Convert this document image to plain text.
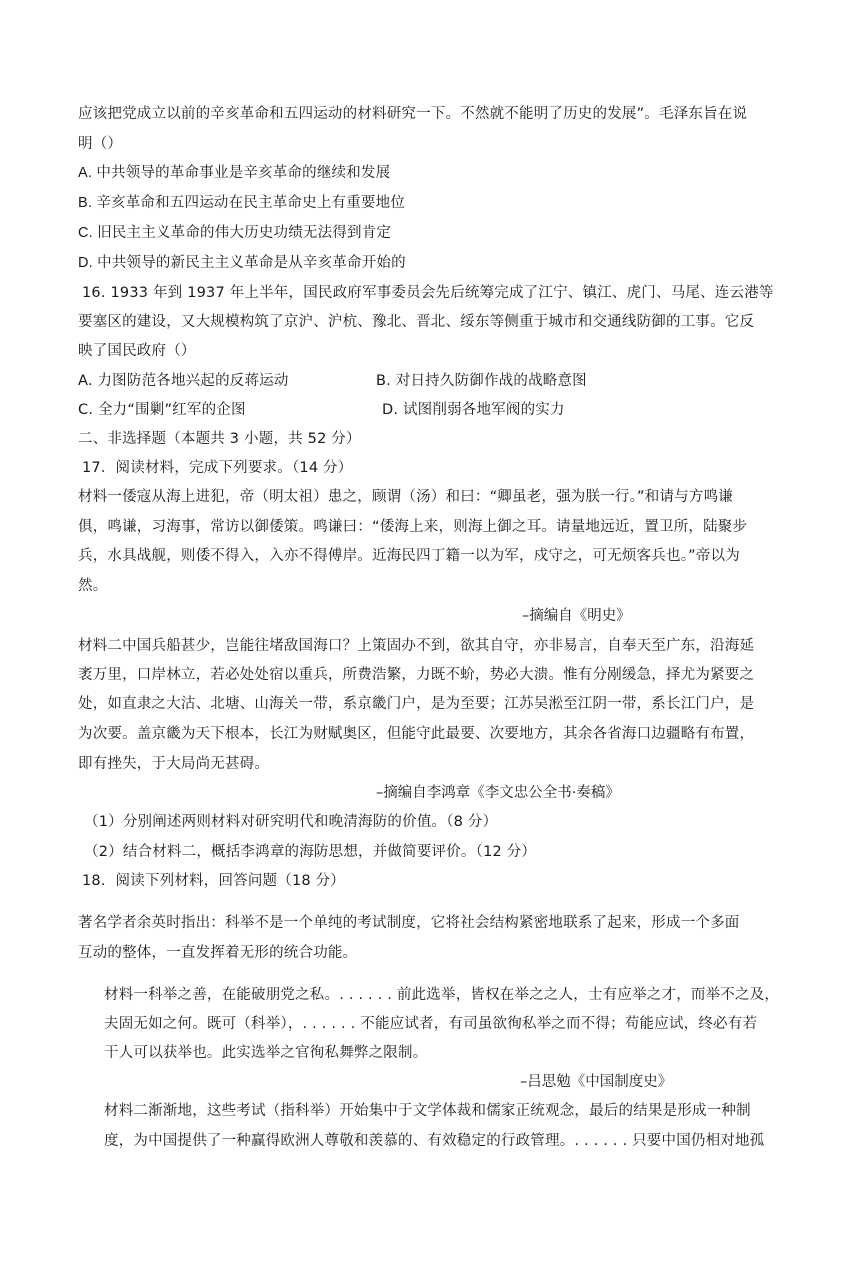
应该把党成立以前的辛亥革命和五四运动的材料研究一下。不然就不能明了历史的发展”。毛泽东旨在说
明（）
A. 中共领导的革命事业是辛亥革命的继续和发展
B. 辛亥革命和五四运动在民主革命史上有重要地位
C. 旧民主主义革命的伟大历史功绩无法得到肯定
D. 中共领导的新民主主义革命是从辛亥革命开始的
16. 1933 年到 1937 年上半年，国民政府军事委员会先后统筹完成了江宁、镇江、虎门、马尾、连云港等
要塞区的建设，又大规模构筑了京沪、沪杭、豫北、晋北、绥东等侧重于城市和交通线防御的工事。它反
映了国民政府（）
A. 力图防范各地兴起的反蒋运动	B. 对日持久防御作战的战略意图
C. 全力“围剿”红军的企图	D. 试图削弱各地军阀的实力
二、非选择题（本题共 3 小题，共 52 分）
17．阅读材料，完成下列要求。（14 分）
材料一倭寇从海上进犯，帝（明太祖）患之，顾谓（汤）和曰：“卿虽老，强为朕一行。”和请与方鸣谦
俱，鸣谦，习海事，常访以御倭策。鸣谦曰：“倭海上来，则海上御之耳。请量地远近，置卫所，陆聚步
兵，水具战舰，则倭不得入，入亦不得傅岸。近海民四丁籍一以为军，戍守之，可无烦客兵也。”帝以为
然。
–摘编自《明史》
材料二中国兵船甚少，岂能往堵敌国海口？上策固办不到，欲其自守，亦非易言，自奉天至广东，沿海延
袤万里，口岸林立，若必处处宿以重兵，所费浩繁，力既不蚧，势必大溃。惟有分剐缓急，择尤为紧要之
处，如直隶之大沽、北塘、山海关一带，系京畿门户，是为至要；江苏吴淞至江阴一带，系长江门户，是
为次要。盖京畿为天下根本，长江为财赋奥区，但能守此最要、次要地方，其余各省海口边疆略有布置，
即有挫失，于大局尚无甚碍。
–摘编自李鸿章《李文忠公全书·奏稿》
（1）分别阐述两则材料对研究明代和晚清海防的价值。（8 分）
（2）结合材料二，概括李鸿章的海防思想，并做简要评价。（12 分）
18．阅读下列材料，回答问题（18 分）
著名学者余英时指出：科举不是一个单纯的考试制度，它将社会结构紧密地联系了起来，形成一个多面
互动的整体，一直发挥着无形的统合功能。
材料一科举之善，在能破朋党之私。. . . . . . 前此选举，皆权在举之之人，士有应举之才，而举不之及，
夫固无如之何。既可（科举），. . . . . . 不能应试者，有司虽欲徇私举之而不得；苟能应试，终必有若
干人可以获举也。此实选举之官徇私舞弊之限制。
–吕思勉《中国制度史》
材料二渐渐地，这些考试（指科举）开始集中于文学体裁和儒家正统观念，最后的结果是形成一种制
度，为中国提供了一种赢得欧洲人尊敬和羡慕的、有效稳定的行政管理。. . . . . . 只要中国仍相对地孤
